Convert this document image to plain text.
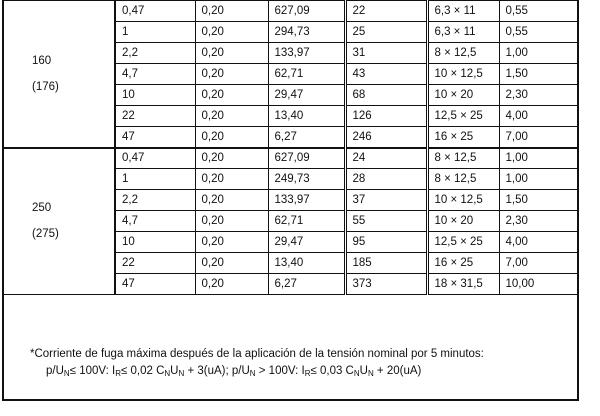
160
(176)	0,47	0,20	627,09	22	6,3 × 11	0,55
	1	0,20	294,73	25	6,3 × 11	0,55
	2,2	0,20	133,97	31	8 × 12,5	1,00
	4,7	0,20	62,71	43	10 × 12,5	1,50
	10	0,20	29,47	68	10 × 20	2,30
	22	0,20	13,40	126	12,5 × 25	4,00
	47	0,20	6,27	246	16 × 25	7,00

250
(275)	0,47	0,20	627,09	24	8 × 12,5	1,00
	1	0,20	249,73	28	8 × 12,5	1,00
	2,2	0,20	133,97	37	10 × 12,5	1,50
	4,7	0,20	62,71	55	10 × 20	2,30
	10	0,20	29,47	95	12,5 × 25	4,00
	22	0,20	13,40	185	16 × 25	7,00
	47	0,20	6,27	373	18 × 31,5	10,00
*Corriente de fuga máxima después de la aplicación de la tensión nominal por 5 minutos:
$p/U_N\le 100V$: $I_R\le 0,02$ $C_NU_N + 3(uA)$; $p/U_N > 100V$: $I_R\le 0,03$ $C_NU_N + 20(uA)$
